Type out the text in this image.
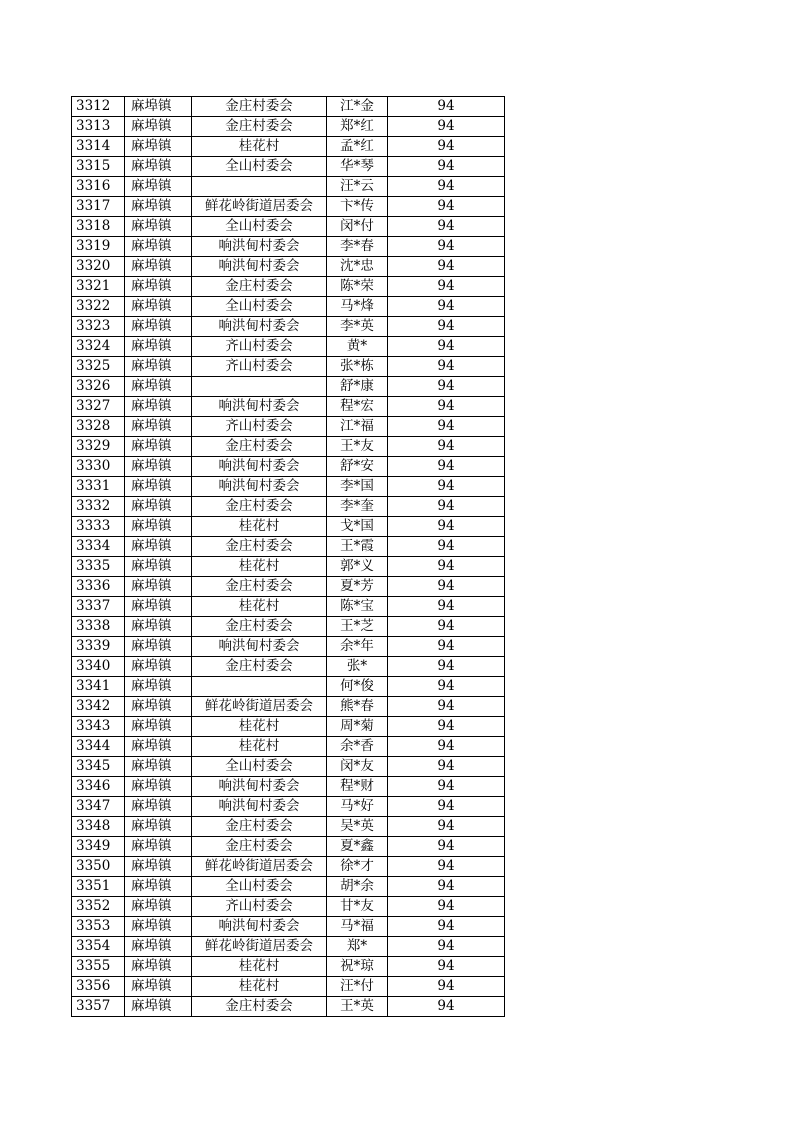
3312	麻埠镇	金庄村委会	江*金	94
3313	麻埠镇	金庄村委会	郑*红	94
3314	麻埠镇	桂花村	孟*红	94
3315	麻埠镇	全山村委会	华*琴	94
3316	麻埠镇		汪*云	94
3317	麻埠镇	鲜花岭街道居委会	卞*传	94
3318	麻埠镇	全山村委会	闵*付	94
3319	麻埠镇	响洪甸村委会	李*春	94
3320	麻埠镇	响洪甸村委会	沈*忠	94
3321	麻埠镇	金庄村委会	陈*荣	94
3322	麻埠镇	全山村委会	马*烽	94
3323	麻埠镇	响洪甸村委会	李*英	94
3324	麻埠镇	齐山村委会	黄*	94
3325	麻埠镇	齐山村委会	张*栋	94
3326	麻埠镇		舒*康	94
3327	麻埠镇	响洪甸村委会	程*宏	94
3328	麻埠镇	齐山村委会	江*福	94
3329	麻埠镇	金庄村委会	王*友	94
3330	麻埠镇	响洪甸村委会	舒*安	94
3331	麻埠镇	响洪甸村委会	李*国	94
3332	麻埠镇	金庄村委会	李*奎	94
3333	麻埠镇	桂花村	戈*国	94
3334	麻埠镇	金庄村委会	王*霞	94
3335	麻埠镇	桂花村	郭*义	94
3336	麻埠镇	金庄村委会	夏*芳	94
3337	麻埠镇	桂花村	陈*宝	94
3338	麻埠镇	金庄村委会	王*芝	94
3339	麻埠镇	响洪甸村委会	余*年	94
3340	麻埠镇	金庄村委会	张*	94
3341	麻埠镇		何*俊	94
3342	麻埠镇	鲜花岭街道居委会	熊*春	94
3343	麻埠镇	桂花村	周*菊	94
3344	麻埠镇	桂花村	余*香	94
3345	麻埠镇	全山村委会	闵*友	94
3346	麻埠镇	响洪甸村委会	程*财	94
3347	麻埠镇	响洪甸村委会	马*好	94
3348	麻埠镇	金庄村委会	吴*英	94
3349	麻埠镇	金庄村委会	夏*鑫	94
3350	麻埠镇	鲜花岭街道居委会	徐*才	94
3351	麻埠镇	全山村委会	胡*余	94
3352	麻埠镇	齐山村委会	甘*友	94
3353	麻埠镇	响洪甸村委会	马*福	94
3354	麻埠镇	鲜花岭街道居委会	郑*	94
3355	麻埠镇	桂花村	祝*琼	94
3356	麻埠镇	桂花村	汪*付	94
3357	麻埠镇	金庄村委会	王*英	94
